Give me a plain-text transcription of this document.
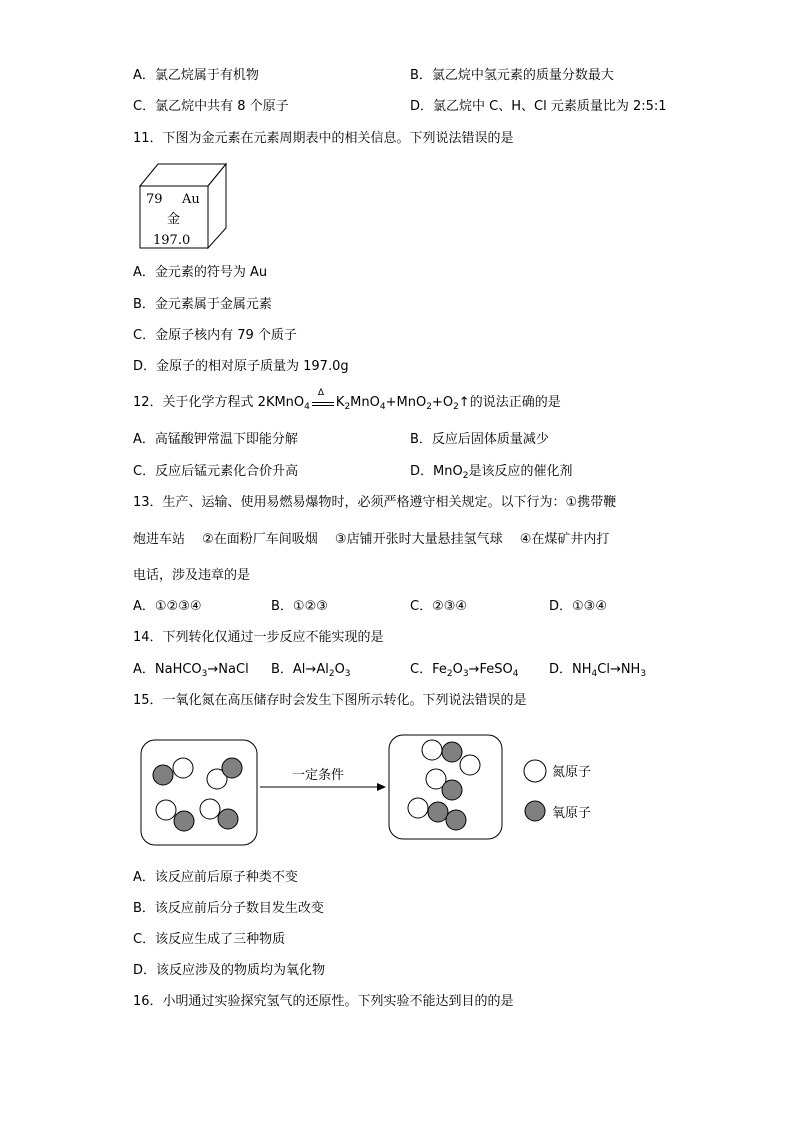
A．氯乙烷属于有机物	B．氯乙烷中氢元素的质量分数最大
C．氯乙烷中共有 8 个原子	D．氯乙烷中 C、H、Cl 元素质量比为 2:5:1
11．下图为金元素在元素周期表中的相关信息。下列说法错误的是
79 Au
金
197.0
A．金元素的符号为 Au
B．金元素属于金属元素
C．金原子核内有 79 个质子
D．金原子的相对原子质量为 197.0g
12．关于化学方程式 2KMnO$_4$
Δ
$K_2MnO_4+MnO_2+O_2↑$的说法正确的是
A．高锰酸钾常温下即能分解	B．反应后固体质量减少
C．反应后锰元素化合价升高	D．MnO$_2$是该反应的催化剂
13．生产、运输、使用易燃易爆物时，必须严格遵守相关规定。以下行为：①携带鞭
炮进车站　 ②在面粉厂车间吸烟　 ③店铺开张时大量悬挂氢气球　 ④在煤矿井内打
电话，涉及违章的是
A．①②③④	B．①②③	C．②③④	D．①③④
14．下列转化仅通过一步反应不能实现的是
A．NaHCO$_3$→NaCl B．$Al\to Al_2O_3$	C．$Fe_2O_3\to FeSO_4$ D．$NH_4Cl\to NH_3$
15．一氧化氮在高压储存时会发生下图所示转化。下列说法错误的是
一定条件	氮原子
氧原子
A．该反应前后原子种类不变
B．该反应前后分子数目发生改变
C．该反应生成了三种物质
D．该反应涉及的物质均为氧化物
16．小明通过实验探究氢气的还原性。下列实验不能达到目的的是
